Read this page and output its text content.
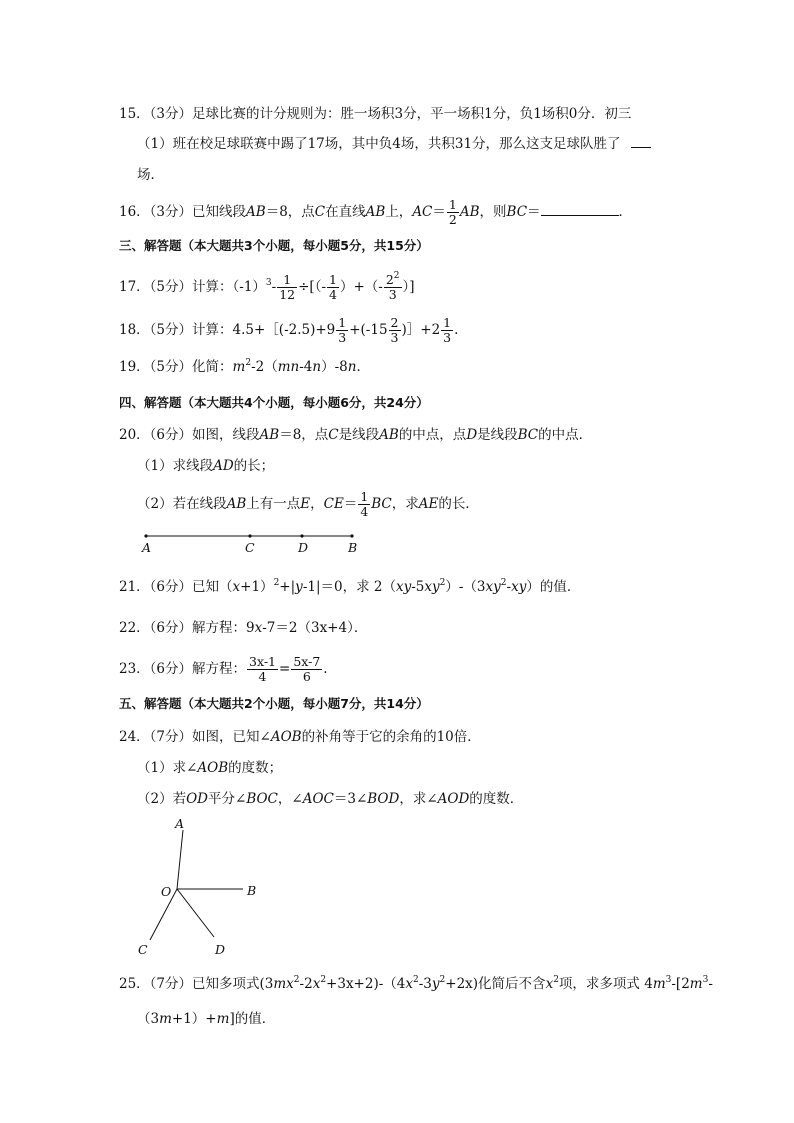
15．（3分）足球比赛的计分规则为：胜一场积3分，平一场积1分，负1场积0分．初三
（1）班在校足球联赛中踢了17场，其中负4场，共积31分，那么这支足球队胜了
场．
16．（3分）已知线段AB＝8，点C在直线AB上，$AC= \frac{1}{2}$ AB，则BC＝	．
三、解答题（本大题共3个小题，每小题5分，共15分）
17．（5分）计算：$(-1)^3- \frac{1}{12}$ ÷[（- $\frac{1}{4}$ ）+（- $\frac{2^2}{3}$ ）]
18．（5分）计算：4.5+［(-2.5)+9 $\frac{1}{3} +(-15 \frac{2}{3}$ )］+2 $\frac{1}{3}$ .
19．（5分）化简：$m^2-2(mn-4n)-8n$．
四、解答题（本大题共4个小题，每小题6分，共24分）
20．（6分）如图，线段AB＝8，点C是线段AB的中点，点D是线段BC的中点．
（1）求线段AD的长；
（2）若在线段AB上有一点E，$CE= \frac{1}{4}$ BC，求AE的长．
A	C	D	B
21．（6分）已知$(x+1)^2+|y-1|=0$，求 $2(xy-5xy^2)-(3xy^2-xy)$的值．
22．（6分）解方程：9x-7＝2（3x+4）．
23．（6分）解方程： $\frac{3x-1}{4} = \frac{5x-7}{6}$ .
五、解答题（本大题共2个小题，每小题7分，共14分）
24．（7分）如图，已知∠AOB的补角等于它的余角的10倍．
（1）求∠AOB的度数；
（2）若OD平分∠BOC，∠AOC＝3∠BOD，求∠AOD的度数．
A
O	B
C	D
25．（7分）已知多项式$(3mx^2-2x^2+3x+2)-(4x^2-3y^2+2x)$化简后不含$x^2$项，求多项式 $4m^3-[2m^3-$
（3m+1）+m]的值．
